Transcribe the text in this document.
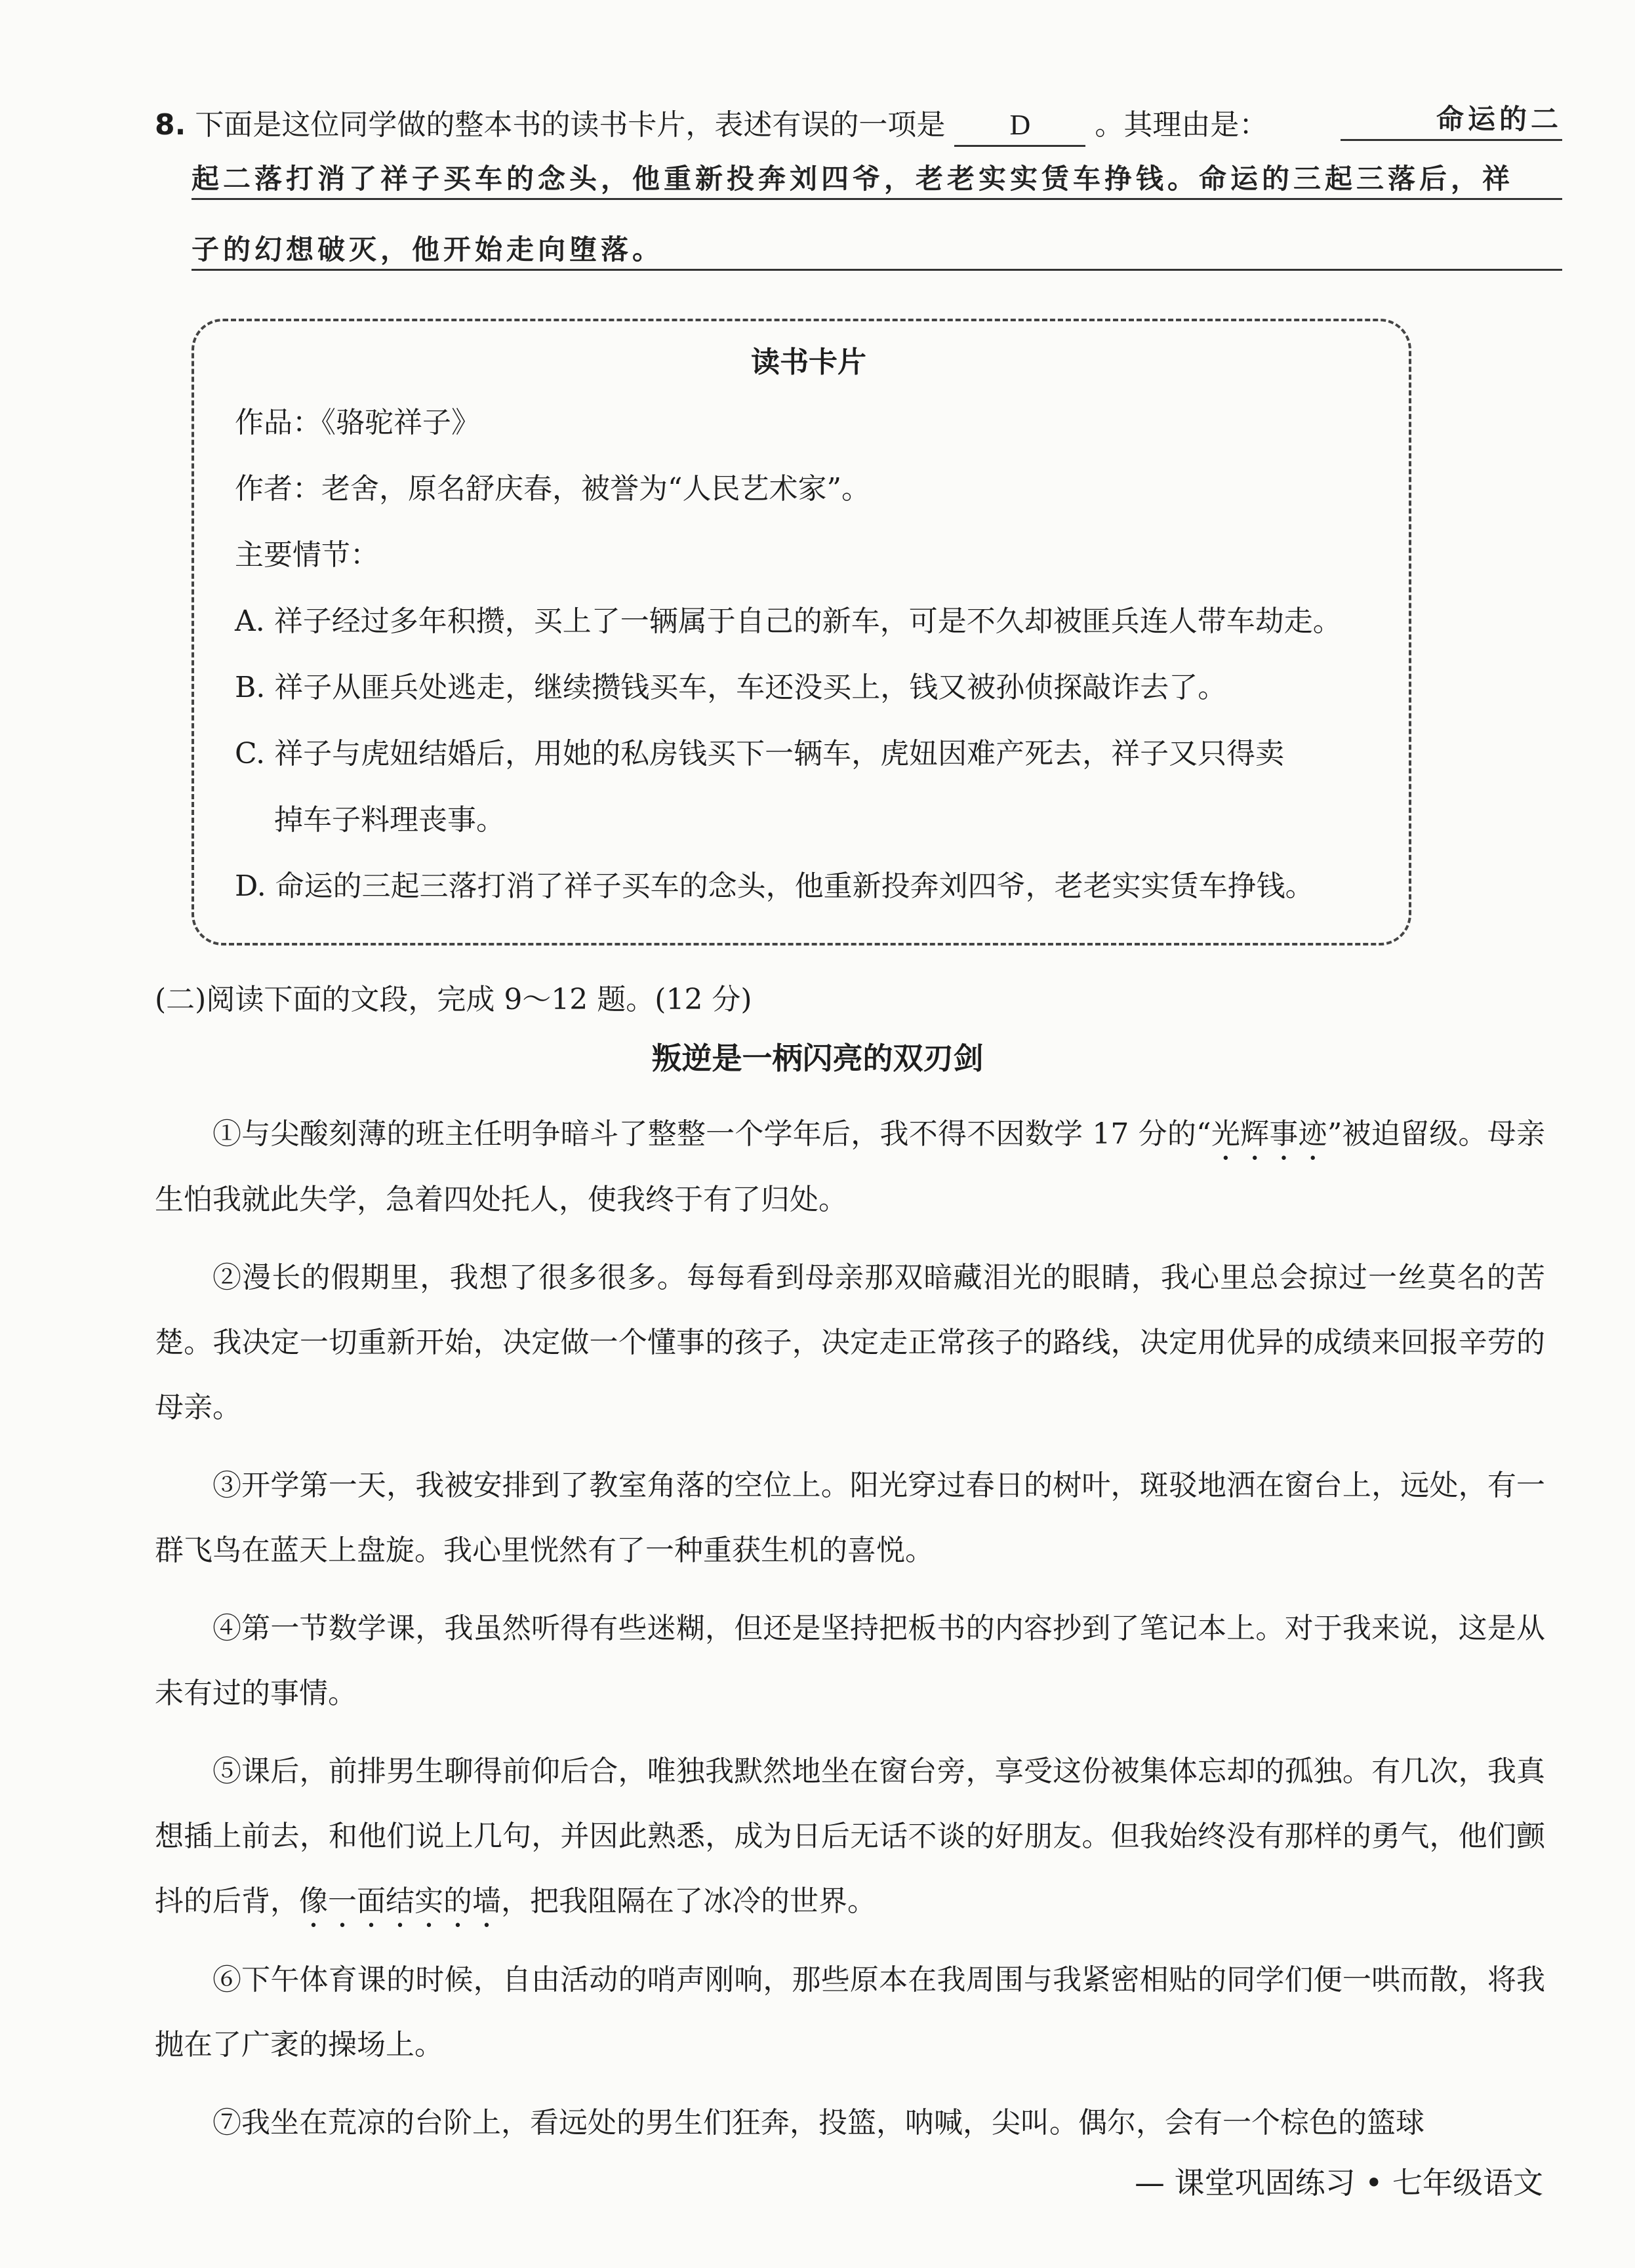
8. 下面是这位同学做的整本书的读书卡片，表述有误的一项是 D 。其理由是：	命运的二
起二落打消了祥子买车的念头，他重新投奔刘四爷，老老实实赁车挣钱。命运的三起三落后，祥
子的幻想破灭，他开始走向堕落。
读书卡片
作品：《骆驼祥子》
作者：老舍，原名舒庆春，被誉为“人民艺术家”。
主要情节：
A. 祥子经过多年积攒，买上了一辆属于自己的新车，可是不久却被匪兵连人带车劫走。
B. 祥子从匪兵处逃走，继续攒钱买车，车还没买上，钱又被孙侦探敲诈去了。
C. 祥子与虎妞结婚后，用她的私房钱买下一辆车，虎妞因难产死去，祥子又只得卖
掉车子料理丧事。
D. 命运的三起三落打消了祥子买车的念头，他重新投奔刘四爷，老老实实赁车挣钱。
(二)阅读下面的文段，完成 9～12 题。(12 分)
叛逆是一柄闪亮的双刃剑

①与尖酸刻薄的班主任明争暗斗了整整一个学年后，我不得不因数学 17 分的“光辉事迹”被迫留级。母亲生怕我就此失学，急着四处托人，使我终于有了归处。

②漫长的假期里，我想了很多很多。每每看到母亲那双暗藏泪光的眼睛，我心里总会掠过一丝莫名的苦楚。我决定一切重新开始，决定做一个懂事的孩子，决定走正常孩子的路线，决定用优异的成绩来回报辛劳的母亲。

③开学第一天，我被安排到了教室角落的空位上。阳光穿过春日的树叶，斑驳地洒在窗台上，远处，有一群飞鸟在蓝天上盘旋。我心里恍然有了一种重获生机的喜悦。

④第一节数学课，我虽然听得有些迷糊，但还是坚持把板书的内容抄到了笔记本上。对于我来说，这是从未有过的事情。

⑤课后，前排男生聊得前仰后合，唯独我默然地坐在窗台旁，享受这份被集体忘却的孤独。有几次，我真想插上前去，和他们说上几句，并因此熟悉，成为日后无话不谈的好朋友。但我始终没有那样的勇气，他们颤抖的后背，像一面结实的墙，把我阻隔在了冰冷的世界。

⑥下午体育课的时候，自由活动的哨声刚响，那些原本在我周围与我紧密相贴的同学们便一哄而散，将我抛在了广袤的操场上。

⑦我坐在荒凉的台阶上，看远处的男生们狂奔，投篮，呐喊，尖叫。偶尔，会有一个棕色的篮球

— 课堂巩固练习 • 七年级语文
